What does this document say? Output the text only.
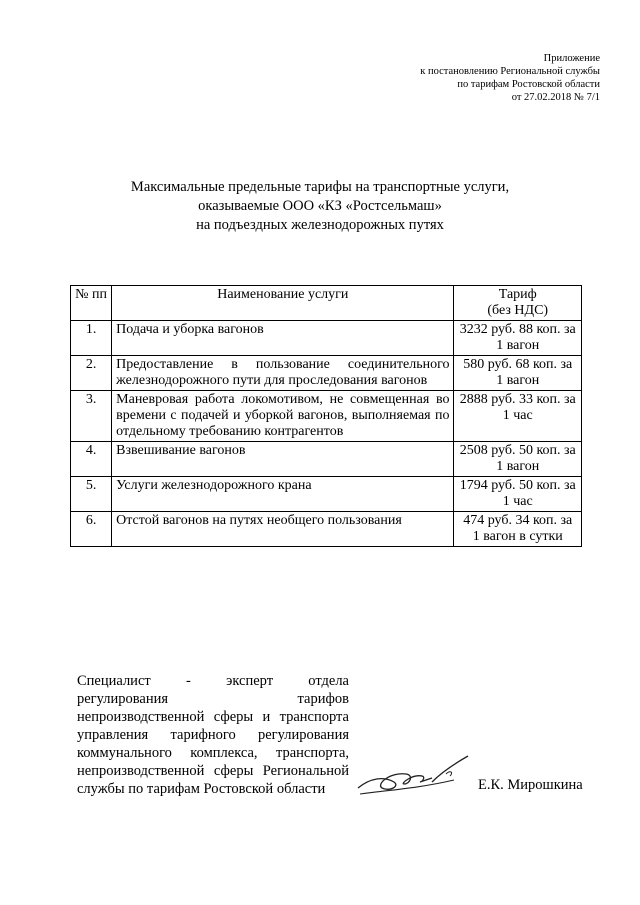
Приложение
к постановлению Региональной службы
по тарифам Ростовской области
от 27.02.2018 № 7/1
Максимальные предельные тарифы на транспортные услуги,
оказываемые ООО «КЗ «Ростсельмаш»
на подъездных железнодорожных путях
№ пп	Наименование услуги	Тариф
(без НДС)

1.	Подача и уборка вагонов	3232 руб. 88 коп. за 1 вагон
2.	Предоставление в пользование соединительного железнодорожного пути для проследования вагонов	580 руб. 68 коп. за 1 вагон
3.	Маневровая работа локомотивом, не совмещенная во времени с подачей и уборкой вагонов, выполняемая по отдельному требованию контрагентов	2888 руб. 33 коп. за 1 час
4.	Взвешивание вагонов	2508 руб. 50 коп. за 1 вагон
5.	Услуги железнодорожного крана	1794 руб. 50 коп. за 1 час
6.	Отстой вагонов на путях необщего пользования	474 руб. 34 коп. за 1 вагон в сутки
Специалист - эксперт отдела
регулирования тарифов
непроизводственной сферы и транспорта
управления тарифного регулирования
коммунального комплекса, транспорта,
непроизводственной сферы Региональной
службы по тарифам Ростовской области	Е.К. Мирошкина
